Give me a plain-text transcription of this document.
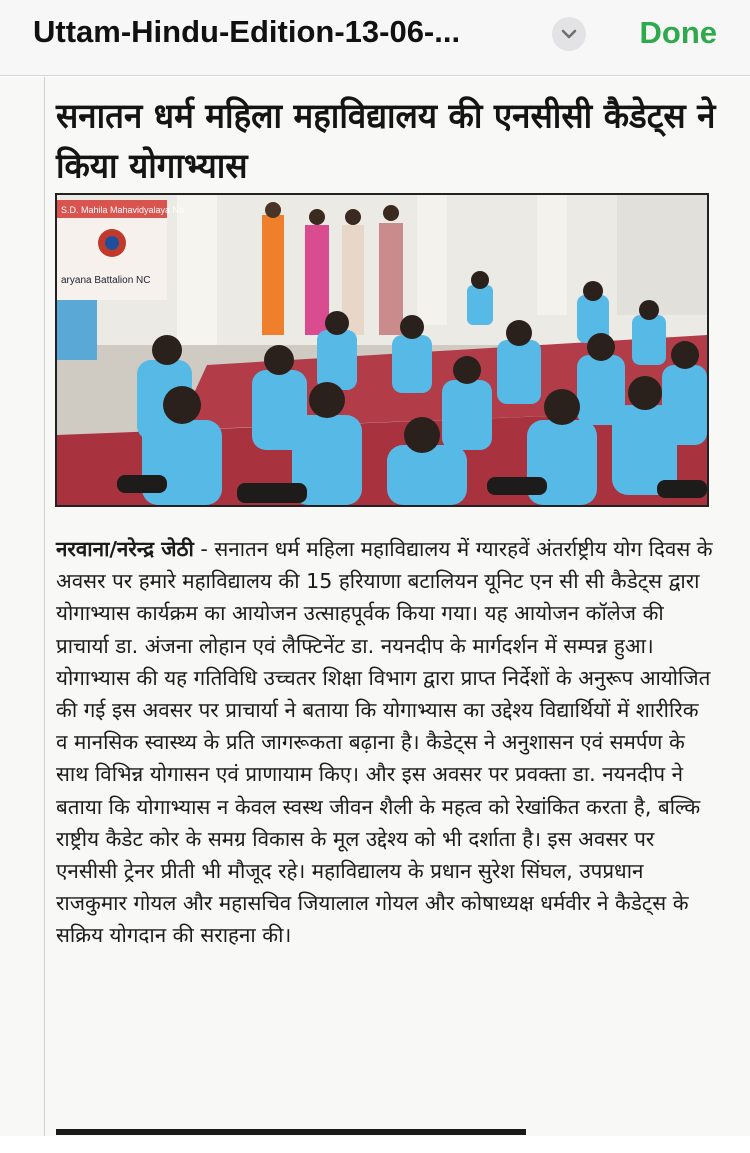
Uttam-Hindu-Edition-13-06-...	Done
सनातन धर्म महिला महाविद्यालय की एनसीसी कैडेट्स ने किया योगाभ्यास
S.D. Mahila Mahavidyalaya Na
aryana Battalion NC
नरवाना/नरेन्द्र जेठी - सनातन धर्म महिला महाविद्यालय में ग्यारहवें अंतर्राष्ट्रीय योग दिवस के अवसर पर हमारे महाविद्यालय की 15 हरियाणा बटालियन यूनिट एन सी सी कैडेट्स द्वारा योगाभ्यास कार्यक्रम का आयोजन उत्साहपूर्वक किया गया। यह आयोजन कॉलेज की प्राचार्या डा. अंजना लोहान एवं लैफ्टिनेंट डा. नयनदीप के मार्गदर्शन में सम्पन्न हुआ। योगाभ्यास की यह गतिविधि उच्चतर शिक्षा विभाग द्वारा प्राप्त निर्देशों के अनुरूप आयोजित की गई इस अवसर पर प्राचार्या ने बताया कि योगाभ्यास का उद्देश्य विद्यार्थियों में शारीरिक व मानसिक स्वास्थ्य के प्रति जागरूकता बढ़ाना है। कैडेट्स ने अनुशासन एवं समर्पण के साथ विभिन्न योगासन एवं प्राणायाम किए। और इस अवसर पर प्रवक्ता डा. नयनदीप ने बताया कि योगाभ्यास न केवल स्वस्थ जीवन शैली के महत्व को रेखांकित करता है, बल्कि राष्ट्रीय कैडेट कोर के समग्र विकास के मूल उद्देश्य को भी दर्शाता है। इस अवसर पर एनसीसी ट्रेनर प्रीती भी मौजूद रहे। महाविद्यालय के प्रधान सुरेश सिंघल, उपप्रधान राजकुमार गोयल और महासचिव जियालाल गोयल और कोषाध्यक्ष धर्मवीर ने कैडेट्स के सक्रिय योगदान की सराहना की।
